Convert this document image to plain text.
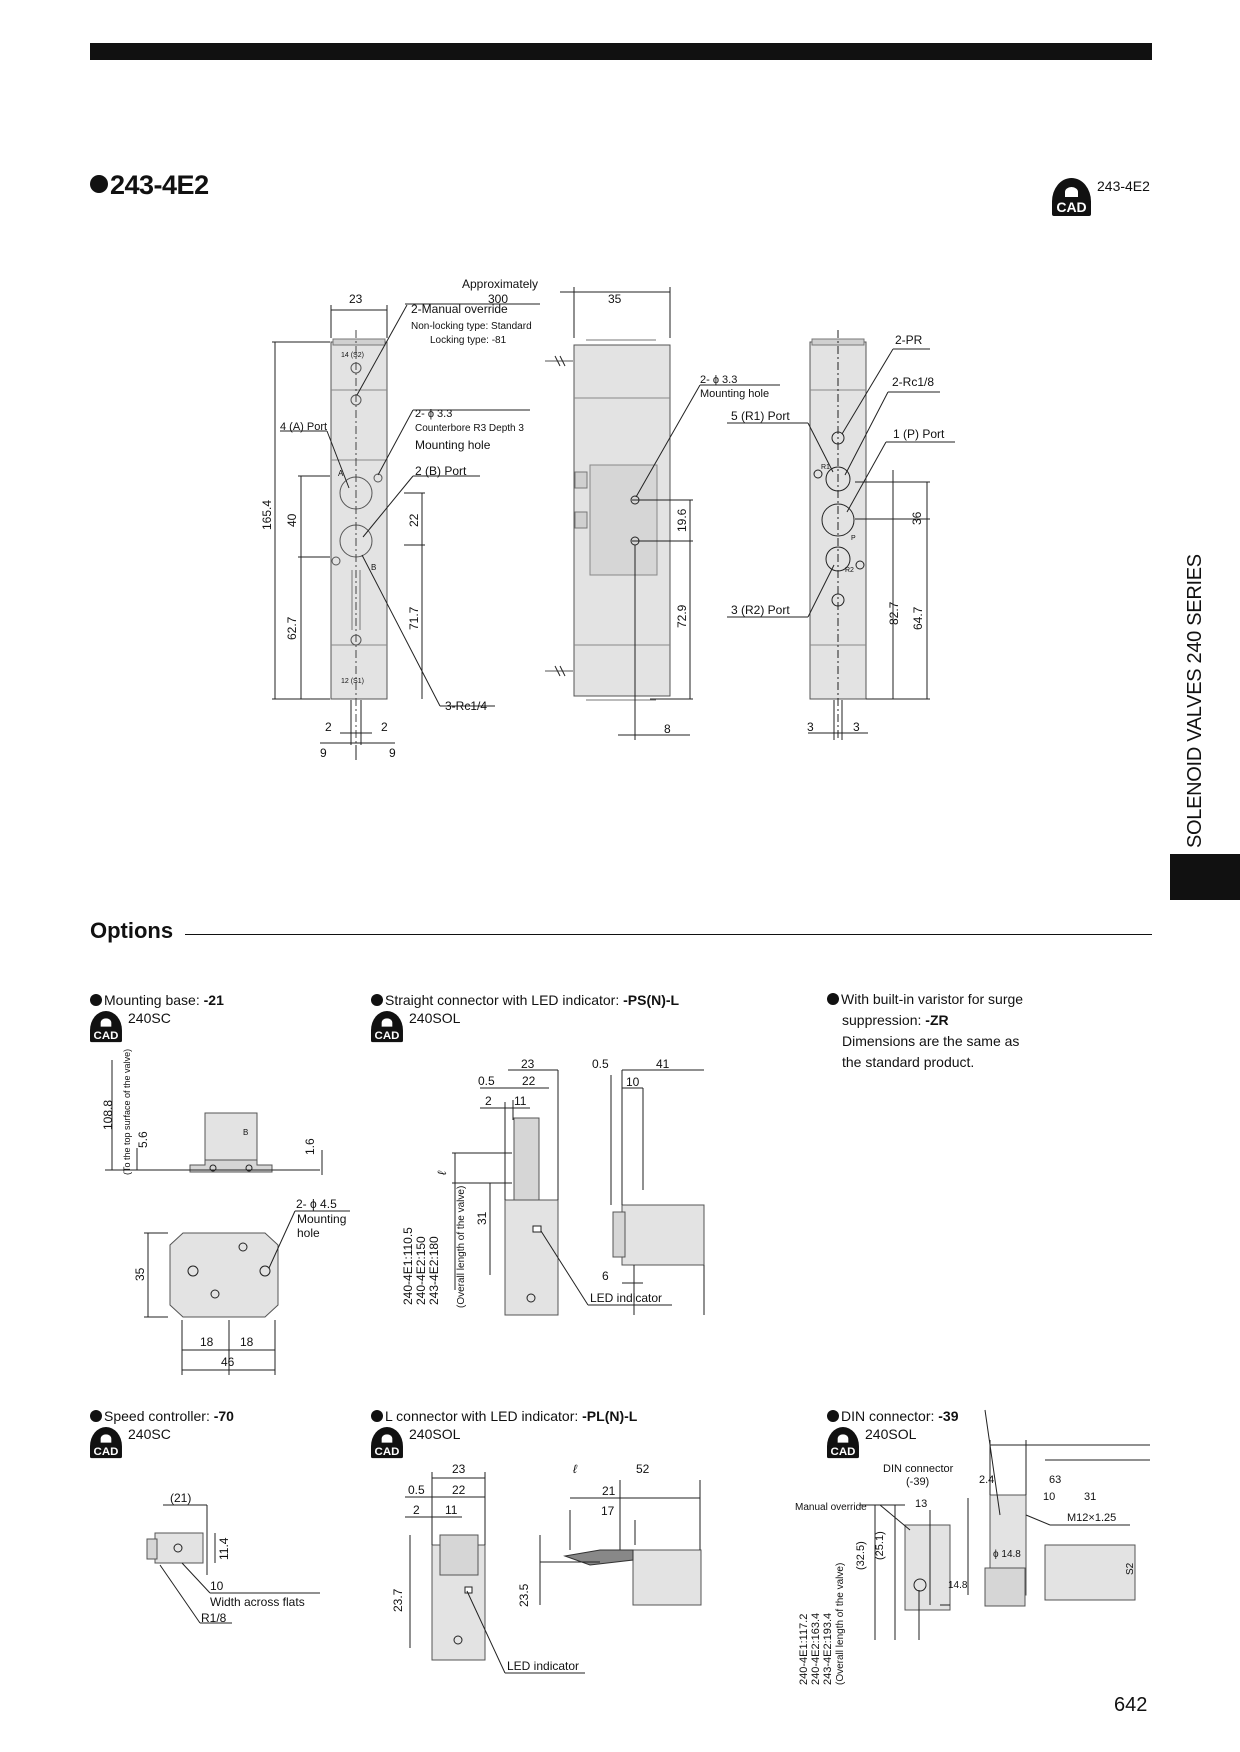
243-4E2
CAD
243-4E2
SOLENOID VALVES 240 SERIES
Approximately
300	35
23
2-Manual override
Non-locking type: Standard
Locking type: -81
4 (A) Port
2- ϕ 3.3
Counterbore R3 Depth 3
Mounting hole
2 (B) Port
165.4 40	22
62.7	71.7
3-Rc1/4
2	2
9	9
14 (S2)
12 (S1)
A
B
2- ϕ 3.3
Mounting hole
19.6
72.9
8
2-PR
2-Rc1/8
5 (R1) Port
1 (P) Port
3 (R2) Port
36
82.7 64.7
3	3
R1
P
R2
Options
Mounting base: -21
CAD
240SC
Straight connector with LED indicator: -PS(N)-L
CAD
240SOL
With built-in varistor for surge
suppression: -ZR
Dimensions are the same as
the standard product.
Speed controller: -70
CAD
240SC
L connector with LED indicator: -PL(N)-L
CAD
240SOL
DIN connector: -39
CAD
240SOL
108.8 (To the top surface of the valve) 5.6	1.6
B
2- ϕ 4.5
Mounting
hole
35
18 18
46
23
0.5 22
2 11
ℓ
31
240-4E1:110.5 240-4E2:150 243-4E2:180 (Overall length of the valve)
0.5	41
10
6
LED indicator
(21)
11.4
10
Width across flats
R1/8
23
0.5 22
2 11
23.7	23.5
ℓ	52
21
17
LED indicator
DIN connector
(-39)
Manual override	13
(32.5) (25.1)
14.8
ϕ 14.8
2.4	63
10	31
M12×1.25
S2
240-4E1:117.2 240-4E2:163.4 243-4E2:193.4 (Overall length of the valve)
642
